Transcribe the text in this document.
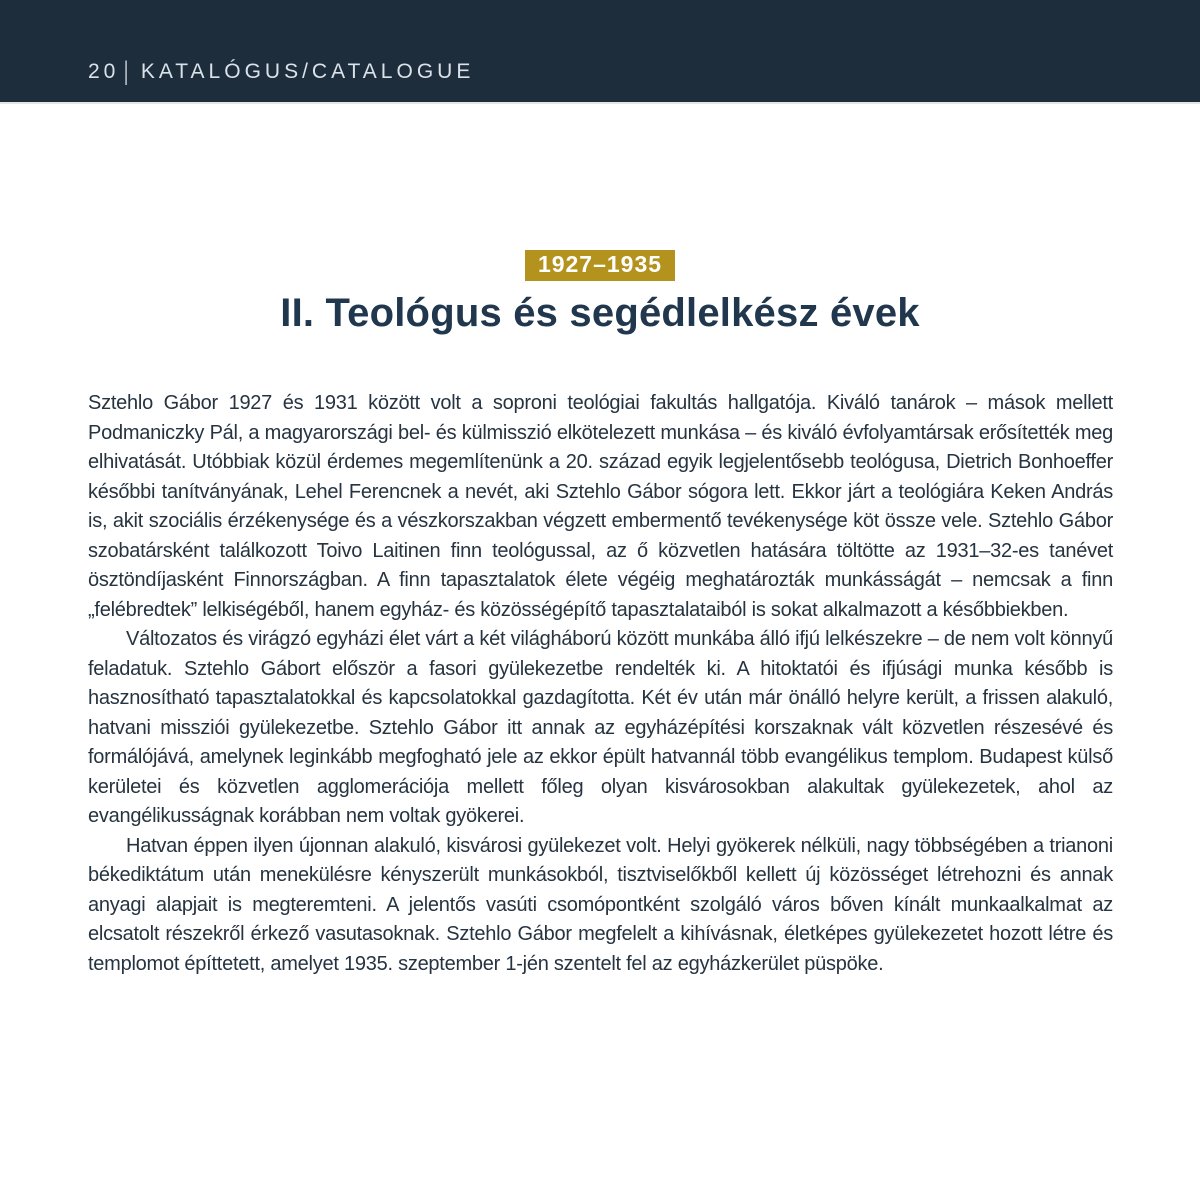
20 | KATALÓGUS/CATALOGUE
1927–1935
II. Teológus és segédlelkész évek

Sztehlo Gábor 1927 és 1931 között volt a soproni teológiai fakultás hallgatója. Kiváló tanárok – mások mellett Podmaniczky Pál, a magyarországi bel- és külmisszió elkötelezett munkása – és kiváló évfolyamtársak erősítették meg elhivatását. Utóbbiak közül érdemes megemlítenünk a 20. század egyik legjelentősebb teológusa, Dietrich Bonhoeffer későbbi tanítványának, Lehel Ferencnek a nevét, aki Sztehlo Gábor sógora lett. Ekkor járt a teológiára Keken András is, akit szociális érzékenysége és a vészkorszakban végzett embermentő tevékenysége köt össze vele. Sztehlo Gábor szobatársként találkozott Toivo Laitinen finn teológussal, az ő közvetlen hatására töltötte az 1931–32-es tanévet ösztöndíjasként Finnországban. A finn tapasztalatok élete végéig meghatározták munkásságát – nemcsak a finn „felébredtek” lelkiségéből, hanem egyház- és közösségépítő tapasztalataiból is sokat alkalmazott a későbbiekben.

Változatos és virágzó egyházi élet várt a két világháború között munkába álló ifjú lelkészekre – de nem volt könnyű feladatuk. Sztehlo Gábort először a fasori gyülekezetbe rendelték ki. A hitoktatói és ifjúsági munka később is hasznosítható tapasztalatokkal és kapcsolatokkal gazdagította. Két év után már önálló helyre került, a frissen alakuló, hatvani missziói gyülekezetbe. Sztehlo Gábor itt annak az egyházépítési korszaknak vált közvetlen részesévé és formálójává, amelynek leginkább megfogható jele az ekkor épült hatvannál több evangélikus templom. Budapest külső kerületei és közvetlen agglomerációja mellett főleg olyan kisvárosokban alakultak gyülekezetek, ahol az evangélikusságnak korábban nem voltak gyökerei.

Hatvan éppen ilyen újonnan alakuló, kisvárosi gyülekezet volt. Helyi gyökerek nélküli, nagy többségében a trianoni békediktátum után menekülésre kényszerült munkásokból, tisztviselőkből kellett új közösséget létrehozni és annak anyagi alapjait is megteremteni. A jelentős vasúti csomópontként szolgáló város bőven kínált munkaalkalmat az elcsatolt részekről érkező vasutasoknak. Sztehlo Gábor megfelelt a kihívásnak, életképes gyülekezetet hozott létre és templomot építtetett, amelyet 1935. szeptember 1-jén szentelt fel az egyházkerület püspöke.
